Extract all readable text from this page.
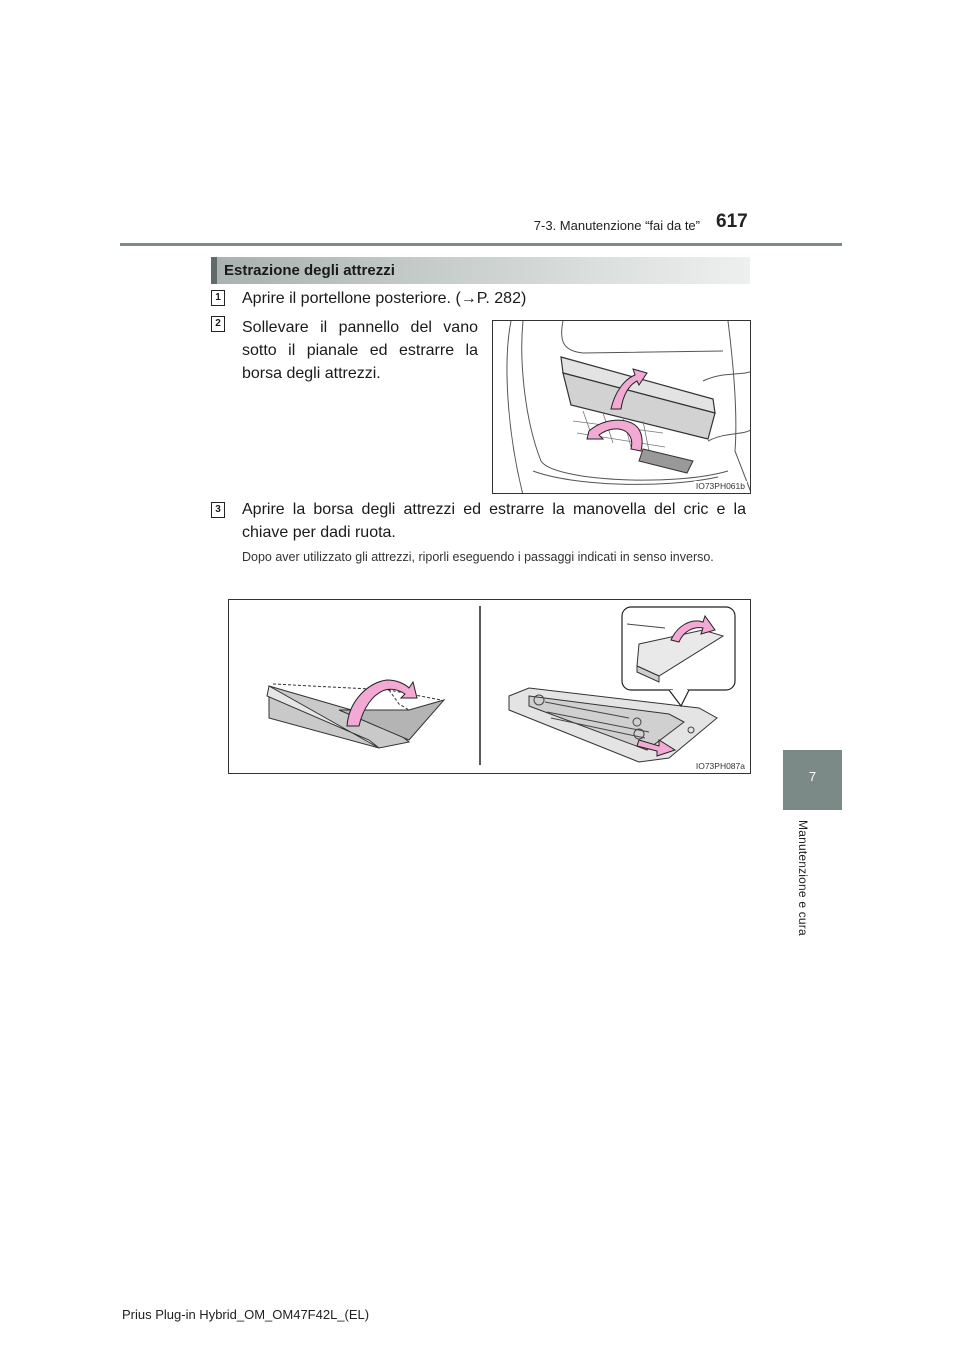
7-3. Manutenzione “fai da te” 617
7
Manutenzione e cura
Estrazione degli attrezzi
1 Aprire il portellone posteriore. (→P. 282)
2 Sollevare il pannello del vano sotto il pianale ed estrarre la borsa degli attrezzi.
IO73PH061b
3 Aprire la borsa degli attrezzi ed estrarre la manovella del cric e la chiave per dadi ruota.
Dopo aver utilizzato gli attrezzi, riporli eseguendo i passaggi indicati in senso inverso.
IO73PH087a
Prius Plug-in Hybrid_OM_OM47F42L_(EL)
